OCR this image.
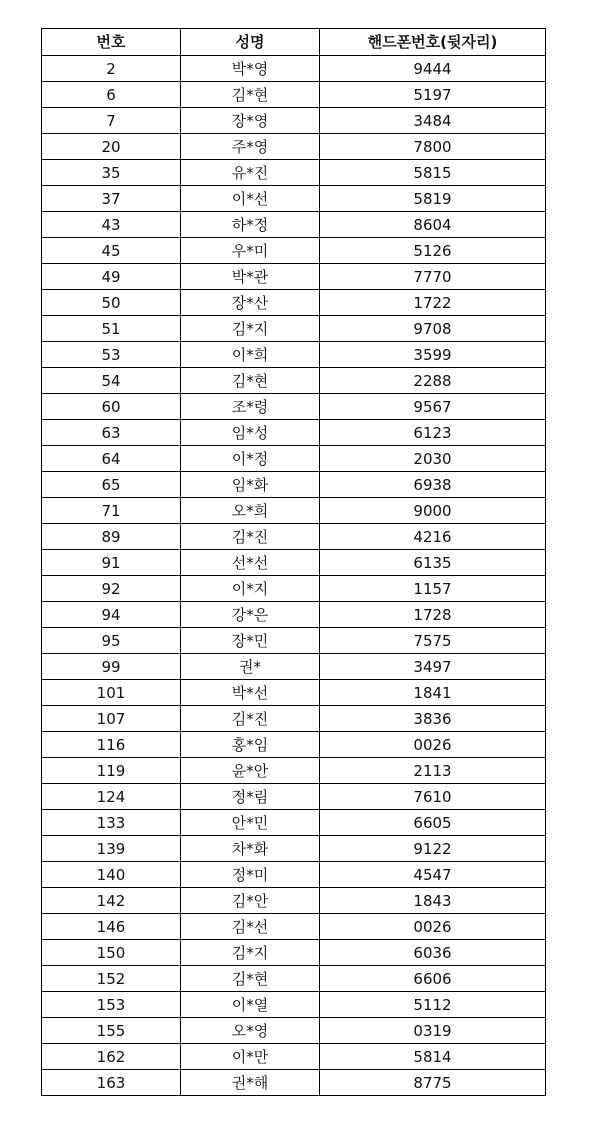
번호	성명	핸드폰번호(뒷자리)
2	박*영	9444
6	김*현	5197
7	장*영	3484
20	주*영	7800
35	유*진	5815
37	이*선	5819
43	하*정	8604
45	우*미	5126
49	박*관	7770
50	장*산	1722
51	김*지	9708
53	이*희	3599
54	김*현	2288
60	조*령	9567
63	임*성	6123
64	이*정	2030
65	임*화	6938
71	오*희	9000
89	김*진	4216
91	선*선	6135
92	이*지	1157
94	강*은	1728
95	장*민	7575
99	권*	3497
101	박*선	1841
107	김*진	3836
116	홍*임	0026
119	윤*안	2113
124	정*림	7610
133	안*민	6605
139	차*화	9122
140	정*미	4547
142	김*안	1843
146	김*선	0026
150	김*지	6036
152	김*현	6606
153	이*열	5112
155	오*영	0319
162	이*만	5814
163	권*해	8775
